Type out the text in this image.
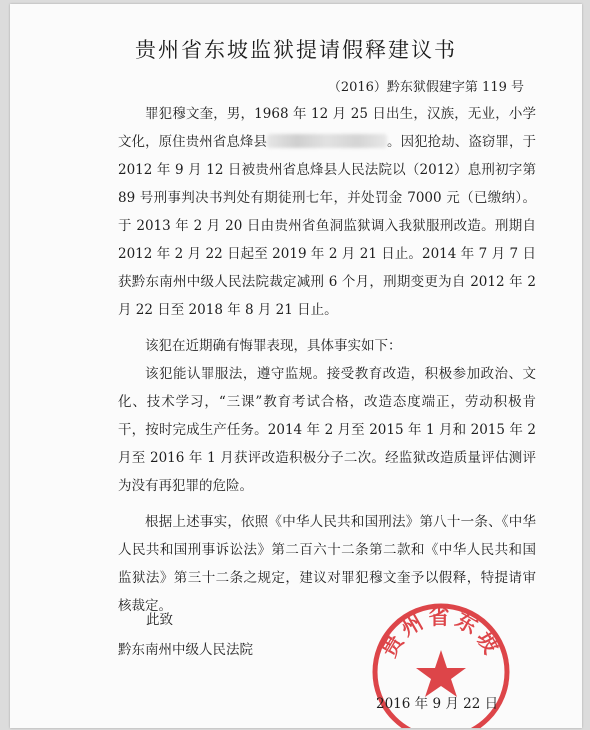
贵州省东坡监狱提请假释建议书
（2016）黔东狱假建字第 119 号

罪犯穆文奎，男，1968 年 12 月 25 日出生，汉族，无业，小学文化，原住贵州省息烽县	。因犯抢劫、盗窃罪，于 2012 年 9 月 12 日被贵州省息烽县人民法院以（2012）息刑初字第 89 号刑事判决书判处有期徒刑七年，并处罚金 7000 元（已缴纳）。于 2013 年 2 月 20 日由贵州省鱼洞监狱调入我狱服刑改造。刑期自 2012 年 2 月 22 日起至 2019 年 2 月 21 日止。2014 年 7 月 7 日获黔东南州中级人民法院裁定减刑 6 个月，刑期变更为自 2012 年 2 月 22 日至 2018 年 8 月 21 日止。

该犯在近期确有悔罪表现，具体事实如下：

该犯能认罪服法，遵守监规。接受教育改造，积极参加政治、文化、技术学习，“三课”教育考试合格，改造态度端正，劳动积极肯干，按时完成生产任务。2014 年 2 月至 2015 年 1 月和 2015 年 2 月至 2016 年 1 月获评改造积极分子二次。经监狱改造质量评估测评为没有再犯罪的危险。

根据上述事实，依照《中华人民共和国刑法》第八十一条、《中华人民共和国刑事诉讼法》第二百六十二条第二款和《中华人民共和国监狱法》第三十二条之规定，建议对罪犯穆文奎予以假释，特提请审核裁定。

此致
黔东南州中级人民法院	贵州省东坡
2016 年 9 月 22 日
